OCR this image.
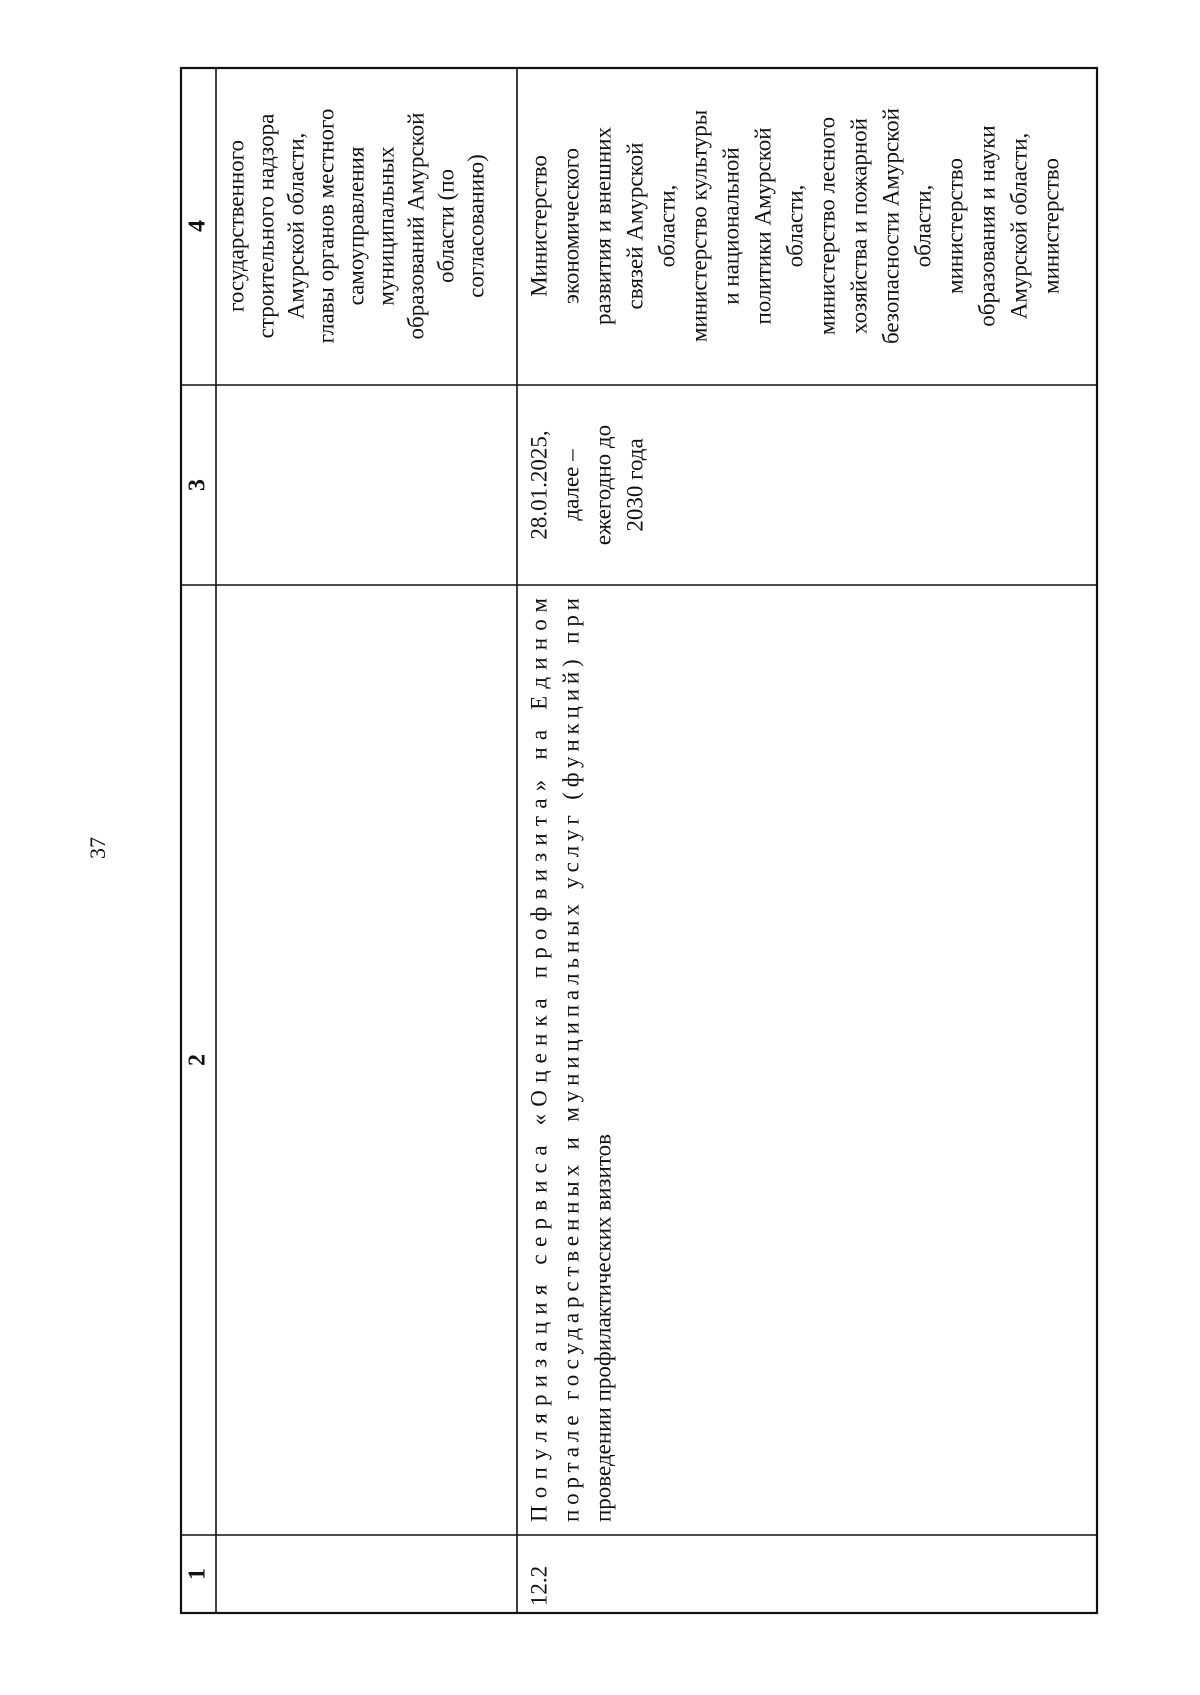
37
1
2
3
4 государственного строительного надзора Амурской области, главы органов местного самоуправления муниципальных образований Амурской области (по согласованию)
12.2
Популяризация сервиса «Оценка профвизита» на Едином
портале государственных и муниципальных услуг (функций) при
проведении профилактических визитов
28.01.2025, далее – ежегодно до 2030 года
Министерство экономического развития и внешних связей Амурской области, министерство культуры и национальной политики Амурской области, министерство лесного хозяйства и пожарной безопасности Амурской области, министерство образования и науки Амурской области, министерство
